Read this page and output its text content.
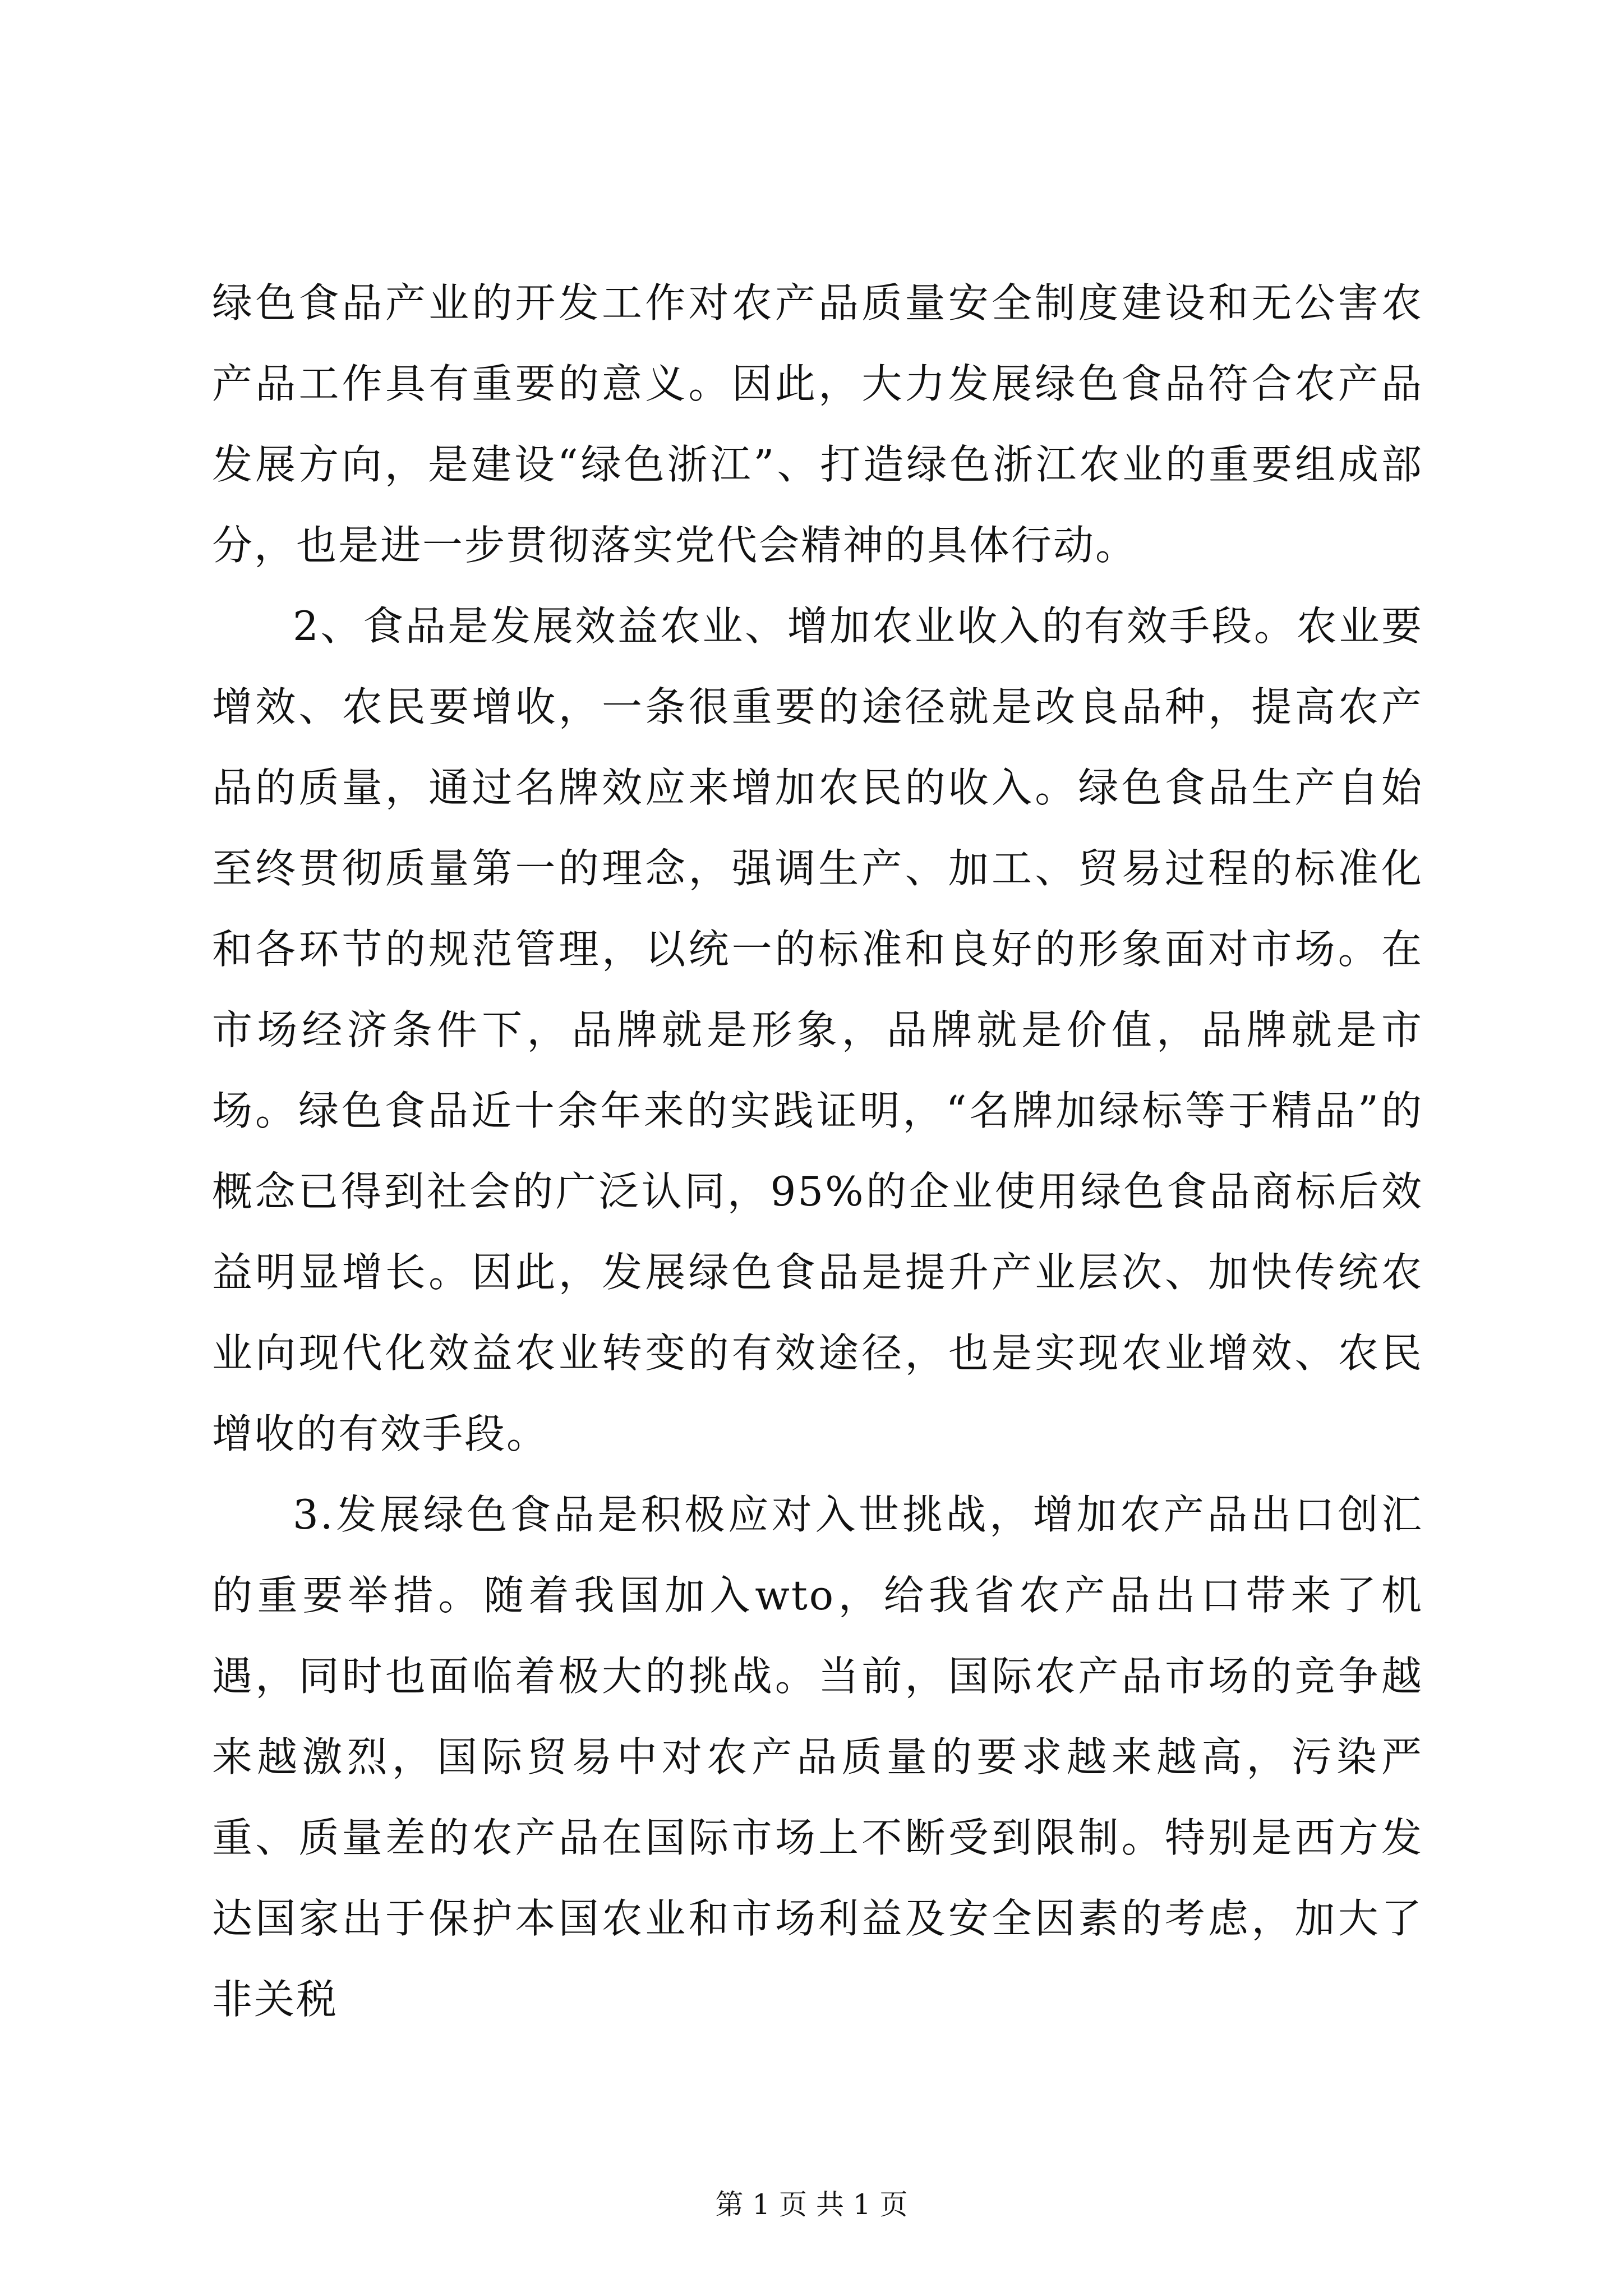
绿色食品产业的开发工作对农产品质量安全制度建设和无公害农产品工作具有重要的意义。因此，大力发展绿色食品符合农产品发展方向，是建设“绿色浙江”、打造绿色浙江农业的重要组成部分，也是进一步贯彻落实党代会精神的具体行动。

2、食品是发展效益农业、增加农业收入的有效手段。农业要增效、农民要增收，一条很重要的途径就是改良品种，提高农产品的质量，通过名牌效应来增加农民的收入。绿色食品生产自始至终贯彻质量第一的理念，强调生产、加工、贸易过程的标准化和各环节的规范管理，以统一的标准和良好的形象面对市场。在市场经济条件下，品牌就是形象，品牌就是价值，品牌就是市场。绿色食品近十余年来的实践证明，“名牌加绿标等于精品”的概念已得到社会的广泛认同，95%的企业使用绿色食品商标后效益明显增长。因此，发展绿色食品是提升产业层次、加快传统农业向现代化效益农业转变的有效途径，也是实现农业增效、农民增收的有效手段。

3.发展绿色食品是积极应对入世挑战，增加农产品出口创汇的重要举措。随着我国加入wto，给我省农产品出口带来了机遇，同时也面临着极大的挑战。当前，国际农产品市场的竞争越来越激烈，国际贸易中对农产品质量的要求越来越高，污染严重、质量差的农产品在国际市场上不断受到限制。特别是西方发达国家出于保护本国农业和市场利益及安全因素的考虑，加大了非关税

第 1 页 共 1 页
